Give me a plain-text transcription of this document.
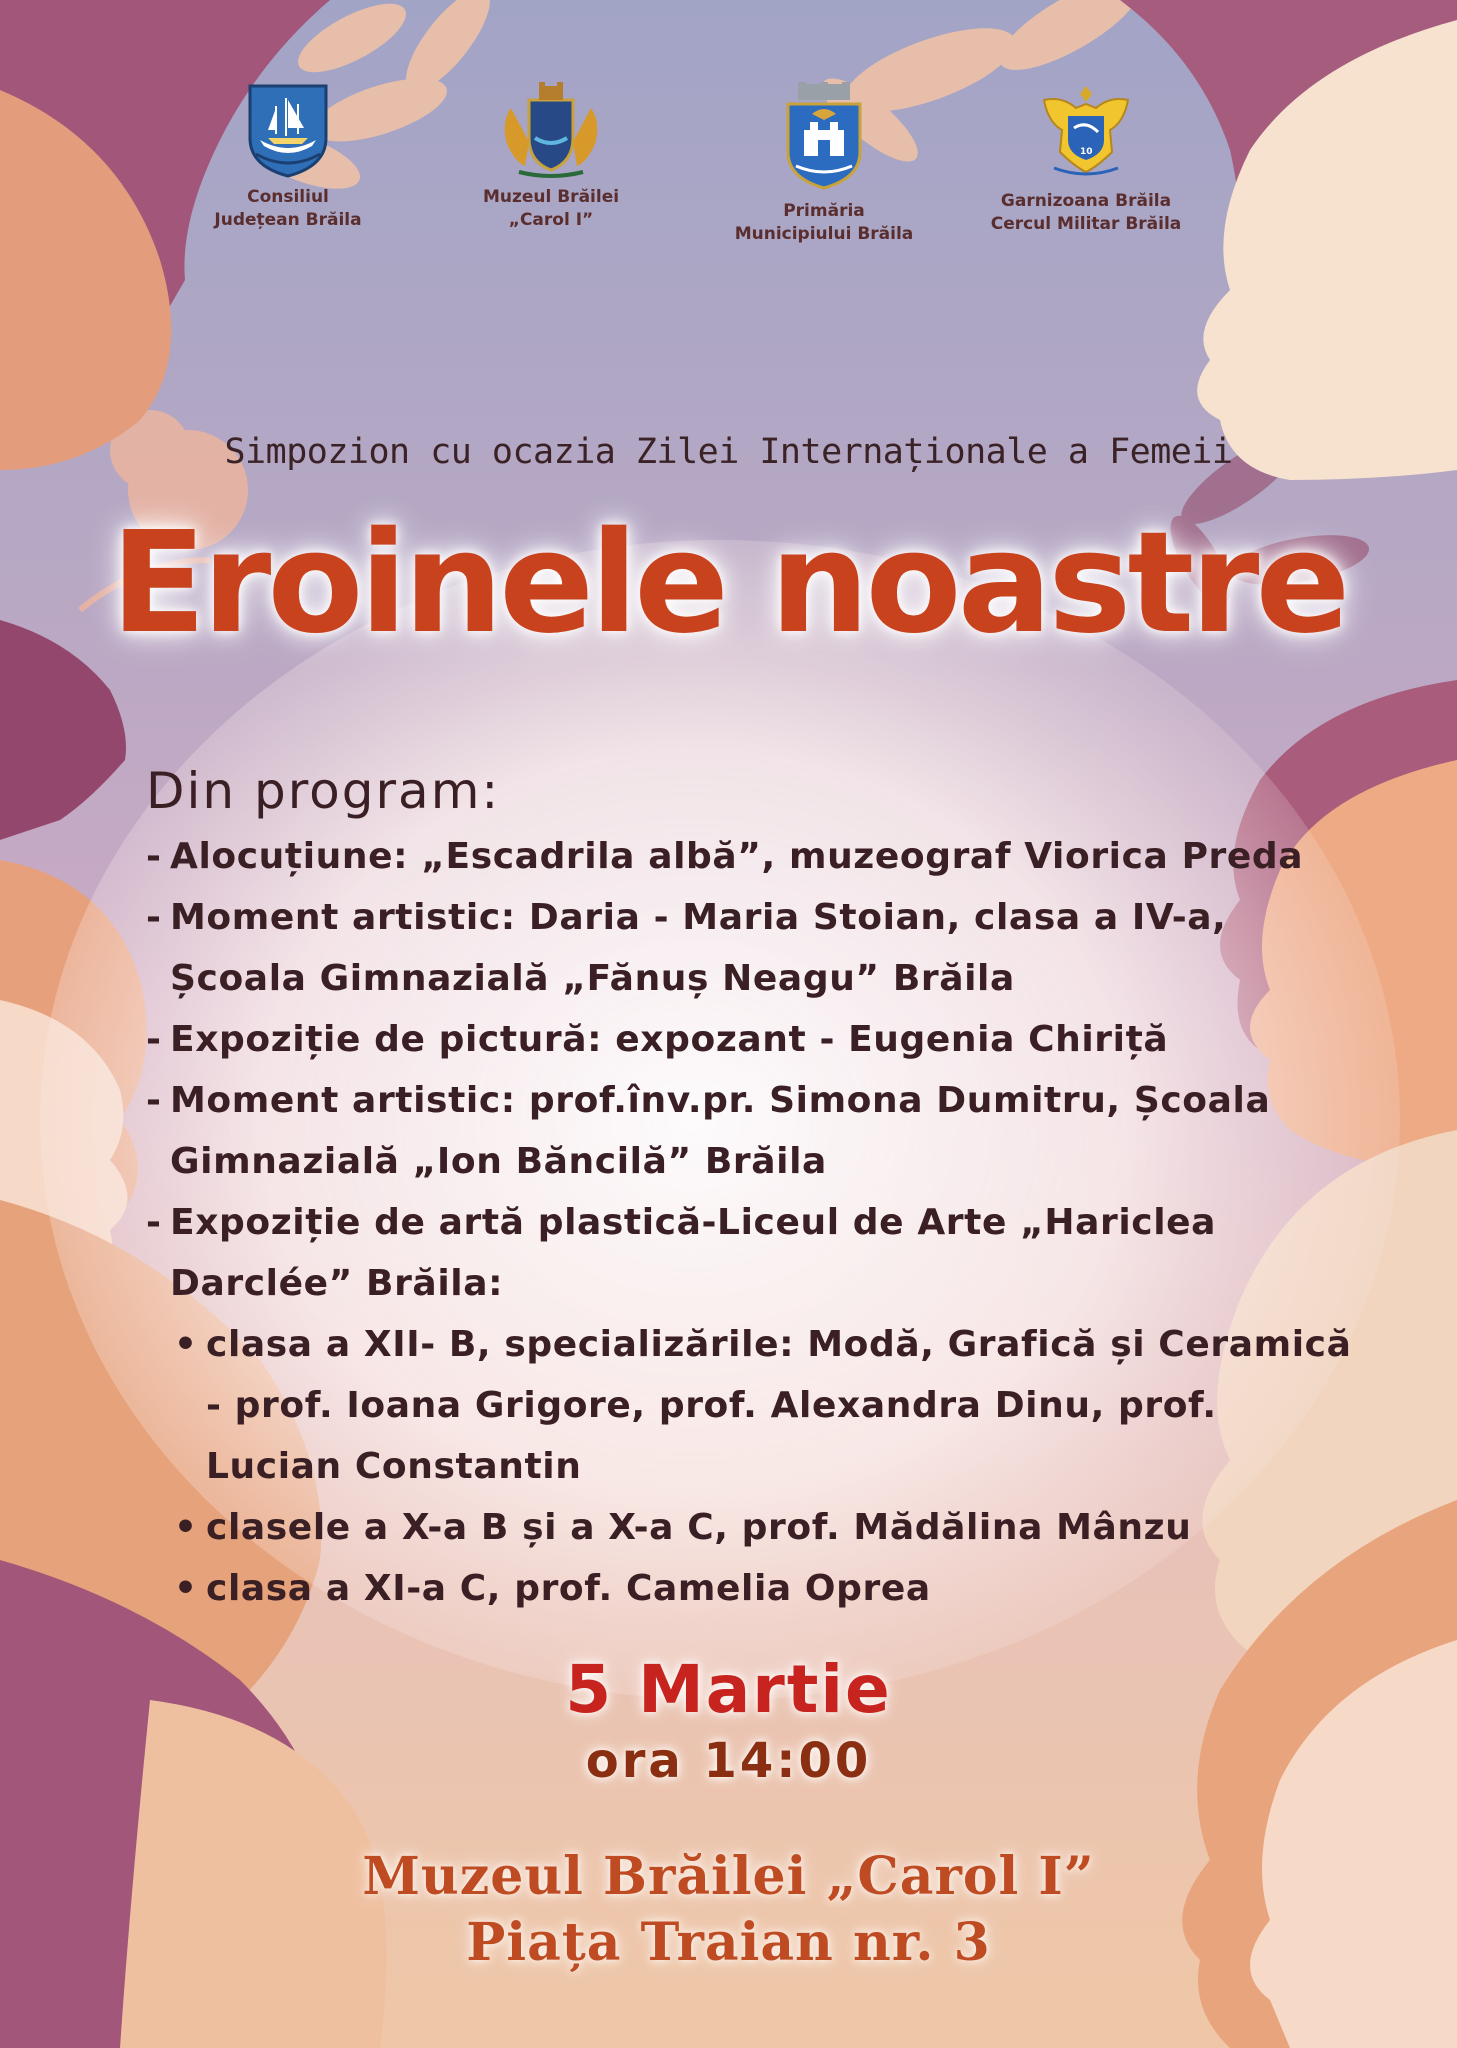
Consiliul
Județean Brăila
Muzeul Brăilei
„Carol I”	Primăria
Municipiului Brăila
10
Garnizoana Brăila
Cercul Militar Brăila
Simpozion cu ocazia Zilei Internaționale a Femeii
Eroinele noastre
Din program:
- Alocuțiune: „Escadrila albă”, muzeograf Viorica Preda
- Moment artistic: Daria - Maria Stoian, clasa a IV-a,
Școala Gimnazială „Fănuș Neagu” Brăila
- Expoziție de pictură: expozant - Eugenia Chiriță
- Moment artistic: prof.înv.pr. Simona Dumitru, Școala
Gimnazială „Ion Băncilă” Brăila
- Expoziție de artă plastică-Liceul de Arte „Hariclea
Darclée” Brăila:
• clasa a XII- B, specializările: Modă, Grafică și Ceramică
- prof. Ioana Grigore, prof. Alexandra Dinu, prof.
Lucian Constantin
• clasele a X-a B și a X-a C, prof. Mădălina Mânzu
• clasa a XI-a C, prof. Camelia Oprea
5 Martie
ora 14:00
Muzeul Brăilei „Carol I”
Piața Traian nr. 3
